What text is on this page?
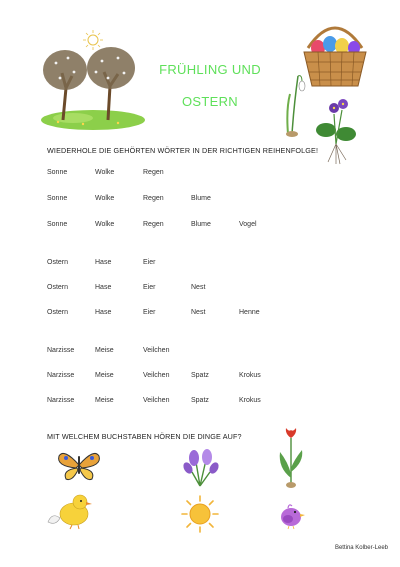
FRÜHLING UND
OSTERN
WIEDERHOLE DIE GEHÖRTEN WÖRTER IN DER RICHTIGEN REIHENFOLGE!
Sonne	Wolke	Regen
Sonne	Wolke	Regen	Blume
Sonne	Wolke	Regen	Blume	Vogel
Ostern	Hase	Eier
Ostern	Hase	Eier	Nest
Ostern	Hase	Eier	Nest	Henne
Narzisse	Meise	Veilchen
Narzisse	Meise	Veilchen	Spatz	Krokus
Narzisse	Meise	Veilchen	Spatz	Krokus
MIT WELCHEM BUCHSTABEN HÖREN DIE DINGE AUF?
Bettina Kolber-Leeb
